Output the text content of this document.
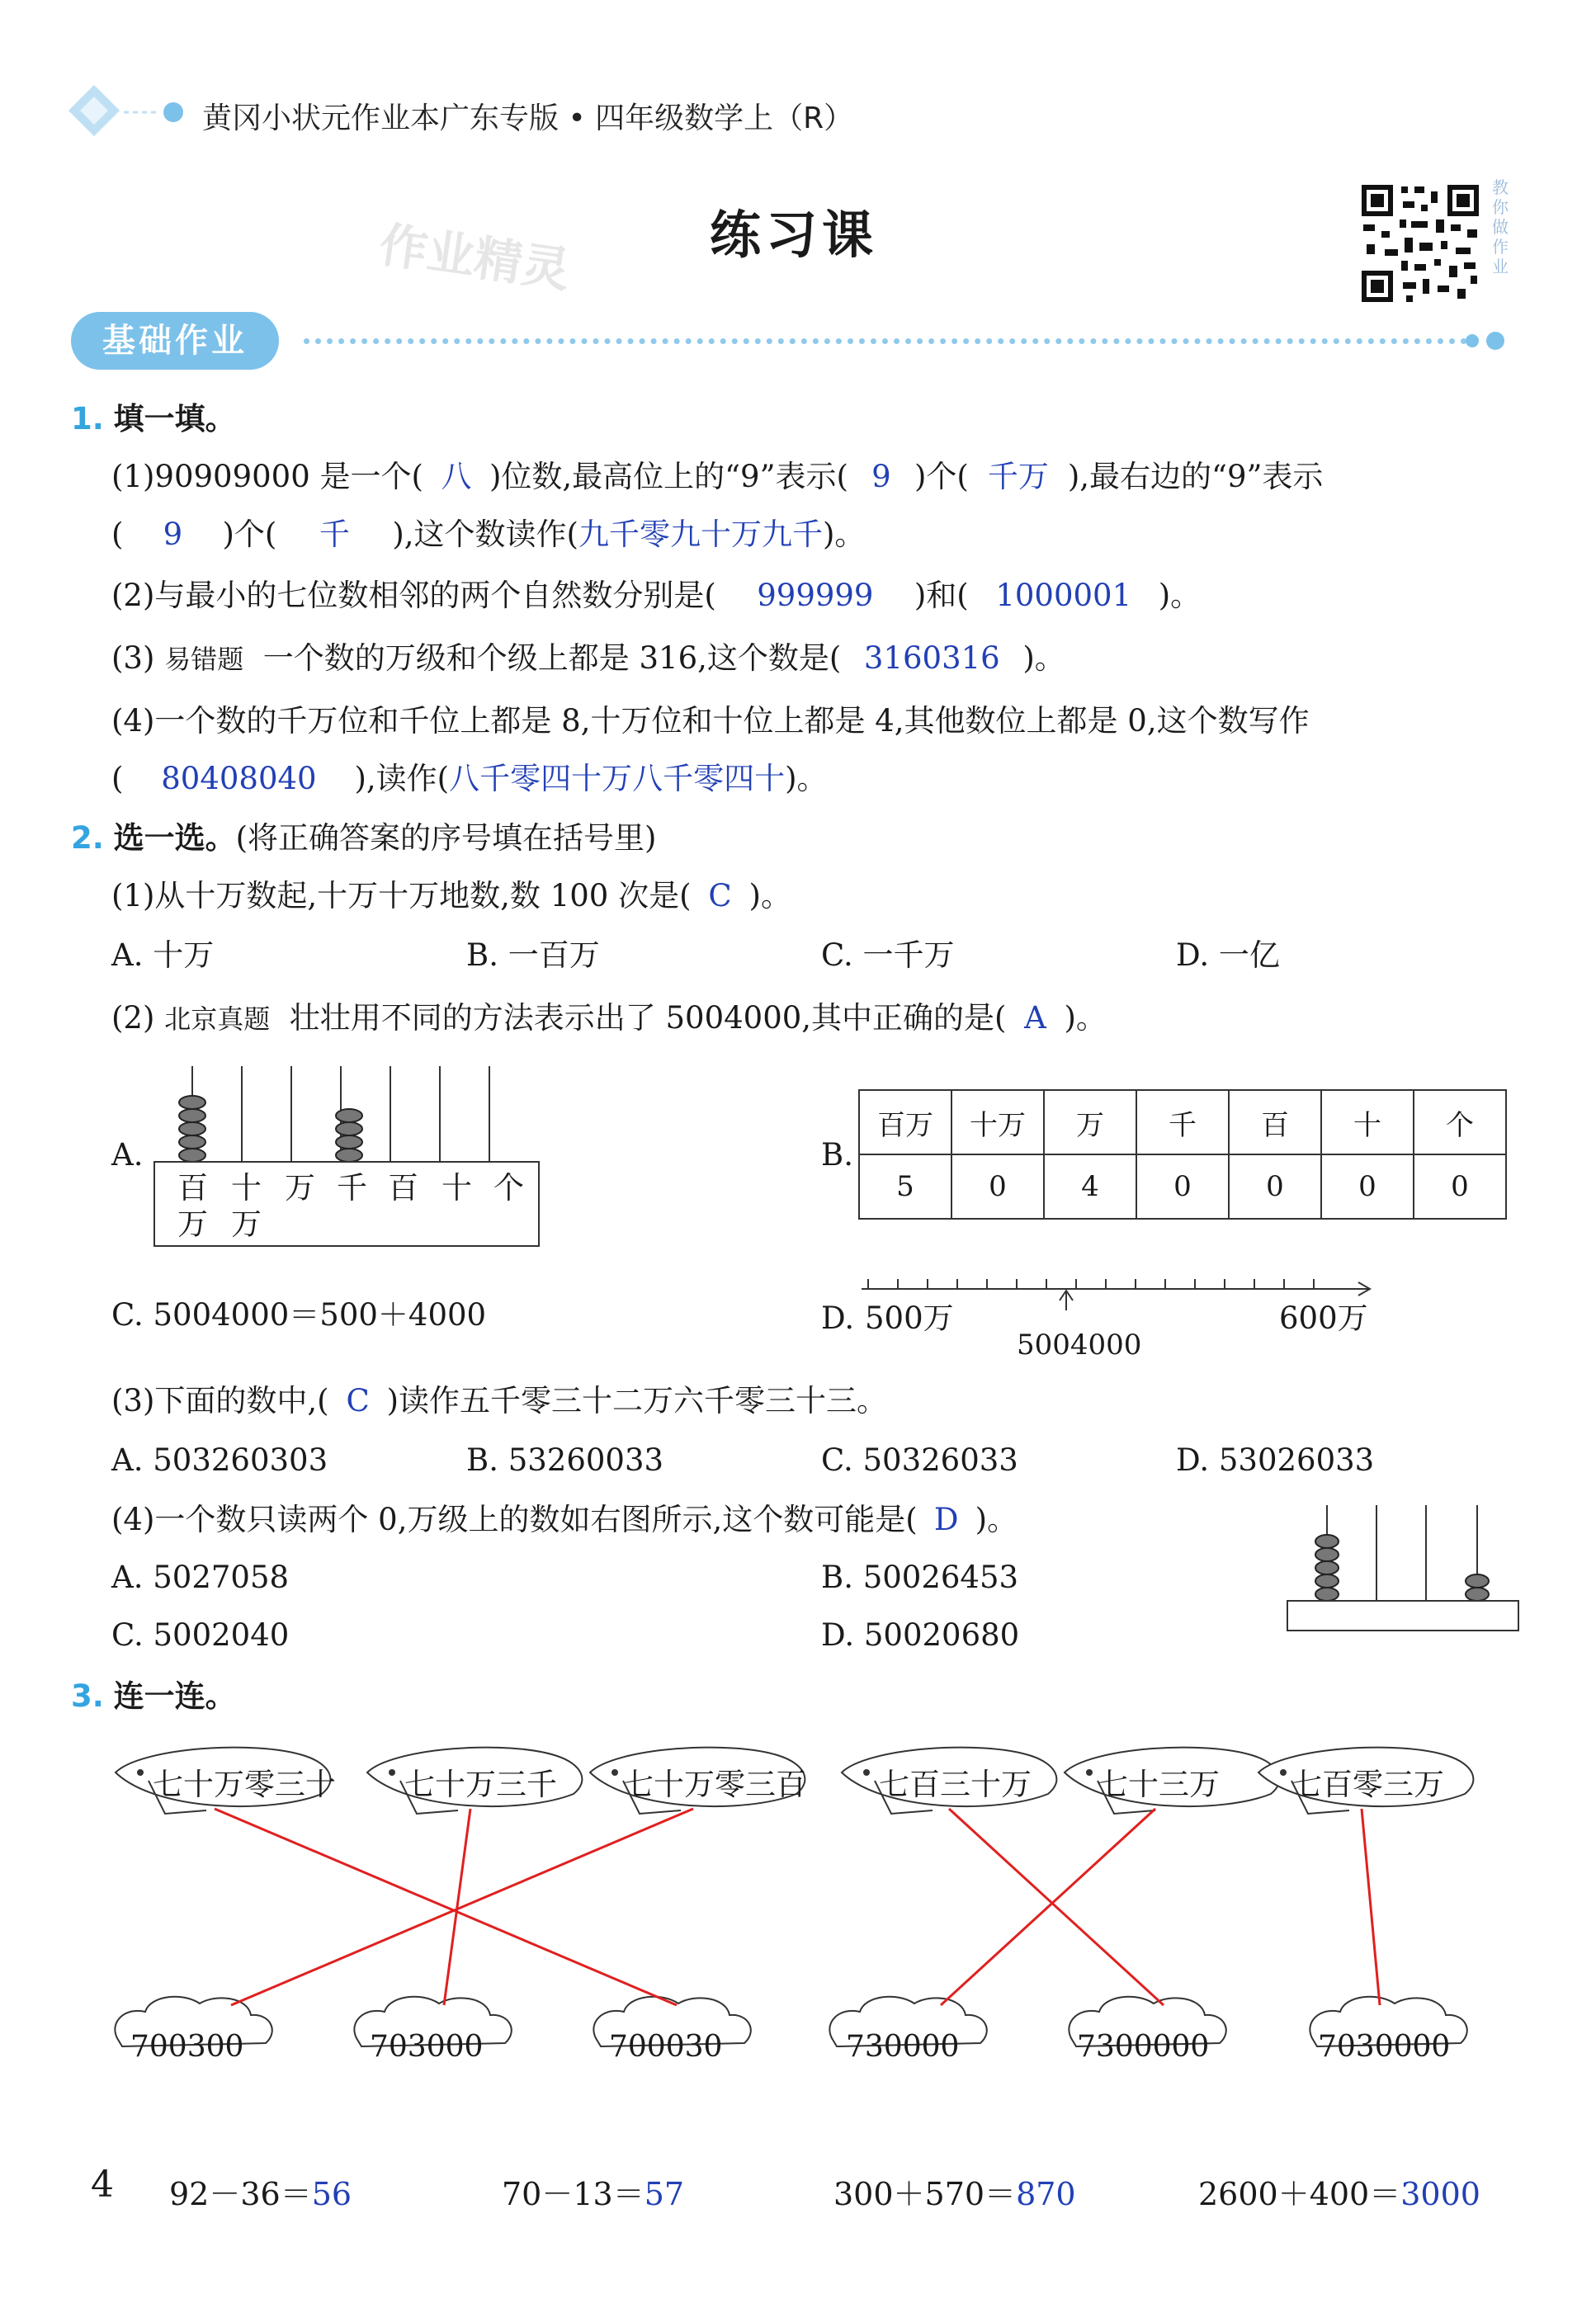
黄冈小状元作业本广东专版 • 四年级数学上（R）
作业精灵	练习课
教你做作业
基础作业
1. 填一填。
(1)90909000 是一个( 八 )位数,最高位上的“9”表示( 9 )个( 千万 ),最右边的“9”表示
( 9 )个( 千 ),这个数读作(九千零九十万九千)。
(2)与最小的七位数相邻的两个自然数分别是( 999999 )和( 1000001 )。
(3) 易错题 一个数的万级和个级上都是 316,这个数是( 3160316 )。
(4)一个数的千万位和千位上都是 8,十万位和十位上都是 4,其他数位上都是 0,这个数写作
( 80408040 ),读作(八千零四十万八千零四十)。
2. 选一选。(将正确答案的序号填在括号里)
(1)从十万数起,十万十万地数,数 100 次是( C )。
A. 十万	B. 一百万	C. 一千万	D. 一亿
(2) 北京真题 壮壮用不同的方法表示出了 5004000,其中正确的是( A )。
A.
百 十 万 千 百 十 个
万 万
B.
百万	十万	万	千	百	十	个
5	0	4	0	0	0	0
C. 5004000＝500＋4000	D. 500万	600万
5004000
(3)下面的数中,( C )读作五千零三十二万六千零三十三。
A. 503260303	B. 53260033	C. 50326033	D. 53026033
(4)一个数只读两个 0,万级上的数如右图所示,这个数可能是( D )。
A. 5027058	B. 50026453
C. 5002040	D. 50020680
3. 连一连。
七十万零三十 七十万三千 七十万零三百 七百三十万 七十三万 七百零三万
700300	703000	700030	730000	7300000	7030000
4 92－36＝56	70－13＝57	300＋570＝870	2600＋400＝3000
